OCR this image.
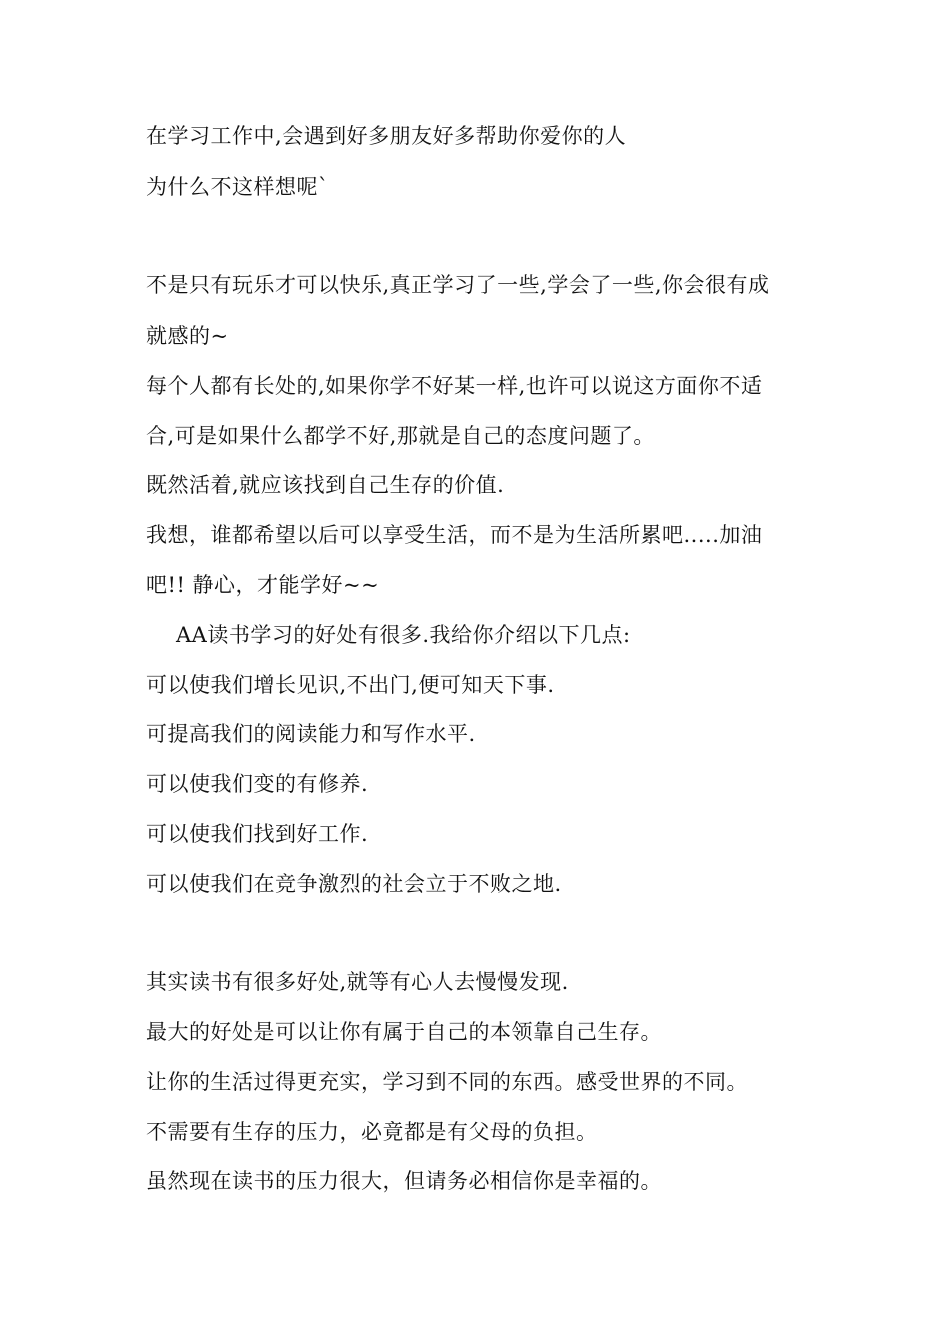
在学习工作中,会遇到好多朋友好多帮助你爱你的人

为什么不这样想呢`

不是只有玩乐才可以快乐,真正学习了一些,学会了一些,你会很有成

就感的~

每个人都有长处的,如果你学不好某一样,也许可以说这方面你不适

合,可是如果什么都学不好,那就是自己的态度问题了。

既然活着,就应该找到自己生存的价值.

我想，谁都希望以后可以享受生活，而不是为生活所累吧.....加油

吧!! 静心，才能学好~~

AA读书学习的好处有很多.我给你介绍以下几点:

可以使我们增长见识,不出门,便可知天下事.

可提高我们的阅读能力和写作水平.

可以使我们变的有修养.

可以使我们找到好工作.

可以使我们在竞争激烈的社会立于不败之地.

其实读书有很多好处,就等有心人去慢慢发现.

最大的好处是可以让你有属于自己的本领靠自己生存。

让你的生活过得更充实，学习到不同的东西。感受世界的不同。

不需要有生存的压力，必竟都是有父母的负担。

虽然现在读书的压力很大，但请务必相信你是幸福的。
